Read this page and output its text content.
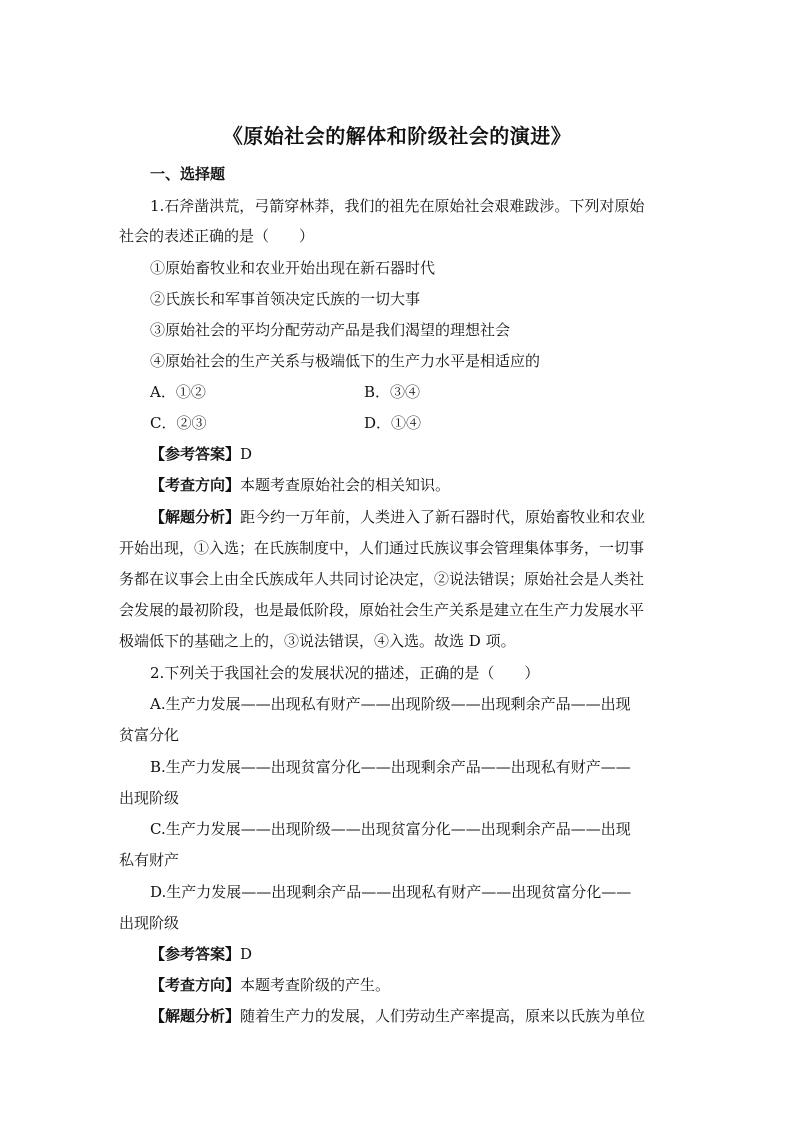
《原始社会的解体和阶级社会的演进》
一、选择题
1.石斧凿洪荒，弓箭穿林莽，我们的祖先在原始社会艰难跋涉。下列对原始
社会的表述正确的是（　　）
①原始畜牧业和农业开始出现在新石器时代
②氏族长和军事首领决定氏族的一切大事
③原始社会的平均分配劳动产品是我们渴望的理想社会
④原始社会的生产关系与极端低下的生产力水平是相适应的
A．①②	B．③④
C．②③	D．①④
【参考答案】D
【考查方向】本题考查原始社会的相关知识。
【解题分析】距今约一万年前，人类进入了新石器时代，原始畜牧业和农业
开始出现，①入选；在氏族制度中，人们通过氏族议事会管理集体事务，一切事
务都在议事会上由全氏族成年人共同讨论决定，②说法错误；原始社会是人类社
会发展的最初阶段，也是最低阶段，原始社会生产关系是建立在生产力发展水平
极端低下的基础之上的，③说法错误，④入选。故选 D 项。
2.下列关于我国社会的发展状况的描述，正确的是（　　）
A.生产力发展——出现私有财产——出现阶级——出现剩余产品——出现
贫富分化
B.生产力发展——出现贫富分化——出现剩余产品——出现私有财产——
出现阶级
C.生产力发展——出现阶级——出现贫富分化——出现剩余产品——出现
私有财产
D.生产力发展——出现剩余产品——出现私有财产——出现贫富分化——
出现阶级
【参考答案】D
【考查方向】本题考查阶级的产生。
【解题分析】随着生产力的发展，人们劳动生产率提高，原来以氏族为单位
